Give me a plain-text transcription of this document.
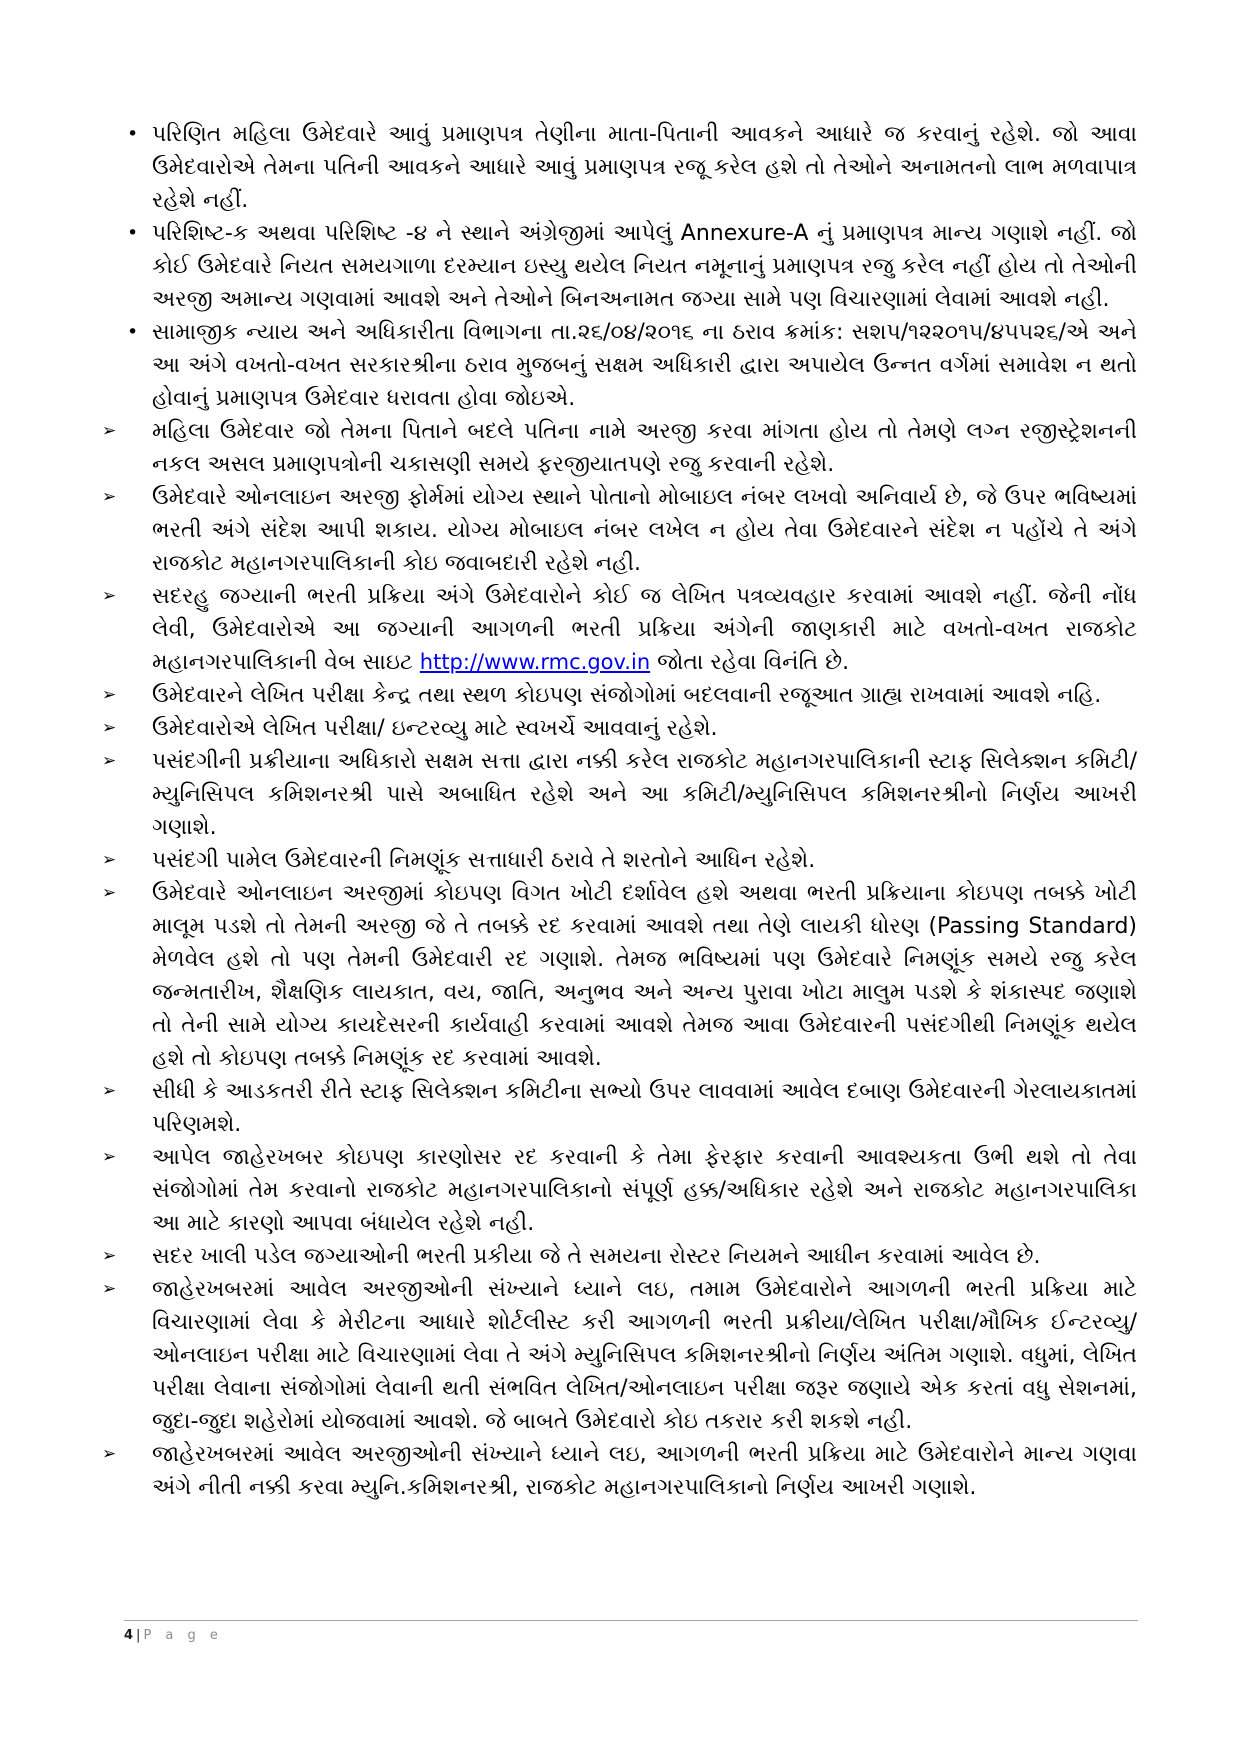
• પરિણિત મહિલા ઉમેદવારે આવું પ્રમાણપત્ર તેણીના માતા-પિતાની આવકને આધારે જ કરવાનું રહેશે. જો આવા ઉમેદવારોએ તેમના પતિની આવકને આધારે આવું પ્રમાણપત્ર રજૂ કરેલ હશે તો તેઓને અનામતનો લાભ મળવાપાત્ર રહેશે નહીં.
• પરિશિષ્ટ-ક અથવા પરિશિષ્ટ -૪ ને સ્થાને અંગ્રેજીમાં આપેલું Annexure-A નું પ્રમાણપત્ર માન્ય ગણાશે નહીં. જો કોઈ ઉમેદવારે નિયત સમયગાળા દરમ્યાન ઇસ્યુ થયેલ નિયત નમૂનાનું પ્રમાણપત્ર રજુ કરેલ નહીં હોય તો તેઓની અરજી અમાન્ય ગણવામાં આવશે અને તેઓને બિનઅનામત જગ્યા સામે પણ વિચારણામાં લેવામાં આવશે નહી.
• સામાજીક ન્યાય અને અધિકારીતા વિભાગના તા.૨૬/૦૪/૨૦૧૬ ના ઠરાવ ક્રમાંક: સશપ/૧૨૨૦૧૫/૪૫૫૨૬/એ અને આ અંગે વખતો-વખત સરકારશ્રીના ઠરાવ મુજબનું સક્ષમ અધિકારી દ્વારા અપાયેલ ઉન્નત વર્ગમાં સમાવેશ ન થતો હોવાનું પ્રમાણપત્ર ઉમેદવાર ધરાવતા હોવા જોઇએ.
➢	મહિલા ઉમેદવાર જો તેમના પિતાને બદલે પતિના નામે અરજી કરવા માંગતા હોય તો તેમણે લગ્ન રજીસ્ટ્રેશનની નકલ અસલ પ્રમાણપત્રોની ચકાસણી સમયે ફરજીયાતપણે રજુ કરવાની રહેશે.
➢	ઉમેદવારે ઓનલાઇન અરજી ફોર્મમાં યોગ્ય સ્થાને પોતાનો મોબાઇલ નંબર લખવો અનિવાર્ય છે, જે ઉપર ભવિષ્યમાં ભરતી અંગે સંદેશ આપી શકાય. યોગ્ય મોબાઇલ નંબર લખેલ ન હોય તેવા ઉમેદવારને સંદેશ ન પહોંચે તે અંગે રાજકોટ મહાનગરપાલિકાની કોઇ જવાબદારી રહેશે નહી.
➢	સદરહુ જગ્યાની ભરતી પ્રક્રિયા અંગે ઉમેદવારોને કોઈ જ લેખિત પત્રવ્યવહાર કરવામાં આવશે નહીં. જેની નોંધ લેવી, ઉમેદવારોએ આ જગ્યાની આગળની ભરતી પ્રક્રિયા અંગેની જાણકારી માટે વખતો-વખત રાજકોટ મહાનગરપાલિકાની વેબ સાઇટ http://www.rmc.gov.in જોતા રહેવા વિનંતિ છે.
➢	ઉમેદવારને લેખિત પરીક્ષા કેન્દ્ર તથા સ્થળ કોઇપણ સંજોગોમાં બદલવાની રજૂઆત ગ્રાહ્ય રાખવામાં આવશે નહિ.
➢	ઉમેદવારોએ લેખિત પરીક્ષા/ ઇન્ટરવ્યુ માટે સ્વખર્ચે આવવાનું રહેશે.
➢	પસંદગીની પ્રક્રીયાના અધિકારો સક્ષમ સત્તા દ્વારા નક્કી કરેલ રાજકોટ મહાનગરપાલિકાની સ્ટાફ સિલેક્શન કમિટી/મ્યુનિસિપલ કમિશનરશ્રી પાસે અબાધિત રહેશે અને આ કમિટી/મ્યુનિસિપલ કમિશનરશ્રીનો નિર્ણય આખરી ગણાશે.
➢	પસંદગી પામેલ ઉમેદવારની નિમણૂંક સત્તાધારી ઠરાવે તે શરતોને આધિન રહેશે.
➢	ઉમેદવારે ઓનલાઇન અરજીમાં કોઇપણ વિગત ખોટી દર્શાવેલ હશે અથવા ભરતી પ્રક્રિયાના કોઇપણ તબક્કે ખોટી માલૂમ પડશે તો તેમની અરજી જે તે તબક્કે રદ કરવામાં આવશે તથા તેણે લાયકી ધોરણ (Passing Standard) મેળવેલ હશે તો પણ તેમની ઉમેદવારી રદ ગણાશે. તેમજ ભવિષ્યમાં પણ ઉમેદવારે નિમણૂંક સમયે રજુ કરેલ જન્મતારીખ, શૈક્ષણિક લાયકાત, વય, જાતિ, અનુભવ અને અન્ય પુરાવા ખોટા માલુમ પડશે કે શંકાસ્પદ જણાશે તો તેની સામે યોગ્ય કાયદેસરની કાર્યવાહી કરવામાં આવશે તેમજ આવા ઉમેદવારની પસંદગીથી નિમણૂંક થયેલ હશે તો કોઇપણ તબક્કે નિમણૂંક રદ કરવામાં આવશે.
➢	સીધી કે આડકતરી રીતે સ્ટાફ સિલેક્શન કમિટીના સભ્યો ઉપર લાવવામાં આવેલ દબાણ ઉમેદવારની ગેરલાયકાતમાં પરિણમશે.
➢	આપેલ જાહેરખબર કોઇપણ કારણોસર રદ કરવાની કે તેમા ફેરફાર કરવાની આવશ્યકતા ઉભી થશે તો તેવા સંજોગોમાં તેમ કરવાનો રાજકોટ મહાનગરપાલિકાનો સંપૂર્ણ હક્ક/અધિકાર રહેશે અને રાજકોટ મહાનગરપાલિકા આ માટે કારણો આપવા બંધાયેલ રહેશે નહી.
➢	સદર ખાલી પડેલ જગ્યાઓની ભરતી પ્રકીયા જે તે સમયના રોસ્ટર નિયમને આધીન કરવામાં આવેલ છે.
➢	જાહેરખબરમાં આવેલ અરજીઓની સંખ્યાને ધ્યાને લઇ, તમામ ઉમેદવારોને આગળની ભરતી પ્રક્રિયા માટે વિચારણામાં લેવા કે મેરીટના આધારે શોર્ટલીસ્ટ કરી આગળની ભરતી પ્રક્રીયા/લેખિત પરીક્ષા/મૌખિક ઈન્ટરવ્યુ/ઓનલાઇન પરીક્ષા માટે વિચારણામાં લેવા તે અંગે મ્યુનિસિપલ કમિશનરશ્રીનો નિર્ણય અંતિમ ગણાશે. વધુમાં, લેખિત પરીક્ષા લેવાના સંજોગોમાં લેવાની થતી સંભવિત લેખિત/ઓનલાઇન પરીક્ષા જરૂર જણાયે એક કરતાં વધુ સેશનમાં, જુદા-જુદા શહેરોમાં યોજવામાં આવશે. જે બાબતે ઉમેદવારો કોઇ તકરાર કરી શકશે નહી.
➢	જાહેરખબરમાં આવેલ અરજીઓની સંખ્યાને ધ્યાને લઇ, આગળની ભરતી પ્રક્રિયા માટે ઉમેદવારોને માન્ય ગણવા અંગે નીતી નક્કી કરવા મ્યુનિ.કમિશનરશ્રી, રાજકોટ મહાનગરપાલિકાનો નિર્ણય આખરી ગણાશે.
4 | P a g e
